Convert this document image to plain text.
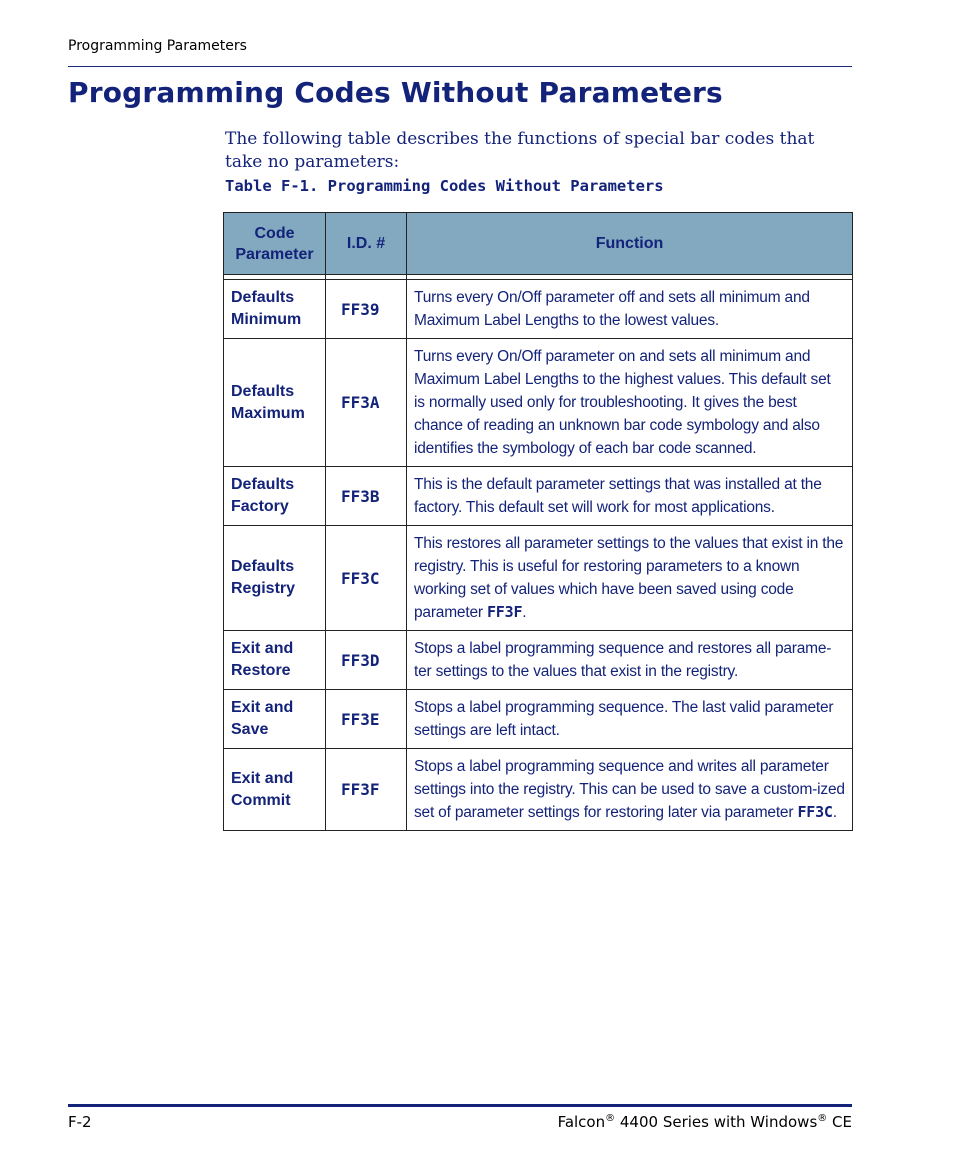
Programming Parameters
Programming Codes Without Parameters

The following table describes the functions of special bar codes that take no parameters:

Table F-1. Programming Codes Without Parameters
Code Parameter	I.D. #	Function

Defaults
Minimum	FF39	Turns every On/Off parameter off and sets all minimum and Maximum Label Lengths to the lowest values.
Defaults
Maximum	FF3A	Turns every On/Off parameter on and sets all minimum and Maximum Label Lengths to the highest values. This default set is normally used only for troubleshooting. It gives the best chance of reading an unknown bar code symbology and also identifies the symbology of each bar code scanned.
Defaults
Factory	FF3B	This is the default parameter settings that was installed at the factory. This default set will work for most applications.
Defaults
Registry	FF3C	This restores all parameter settings to the values that exist in the registry. This is useful for restoring parameters to a known working set of values which have been saved using code parameter FF3F.
Exit and
Restore	FF3D	Stops a label programming sequence and restores all parame-ter settings to the values that exist in the registry.
Exit and
Save	FF3E	Stops a label programming sequence. The last valid parameter settings are left intact.
Exit and
Commit	FF3F	Stops a label programming sequence and writes all parameter settings into the registry. This can be used to save a custom-ized set of parameter settings for restoring later via parameter FF3C.
F-2	Falcon® 4400 Series with Windows® CE
